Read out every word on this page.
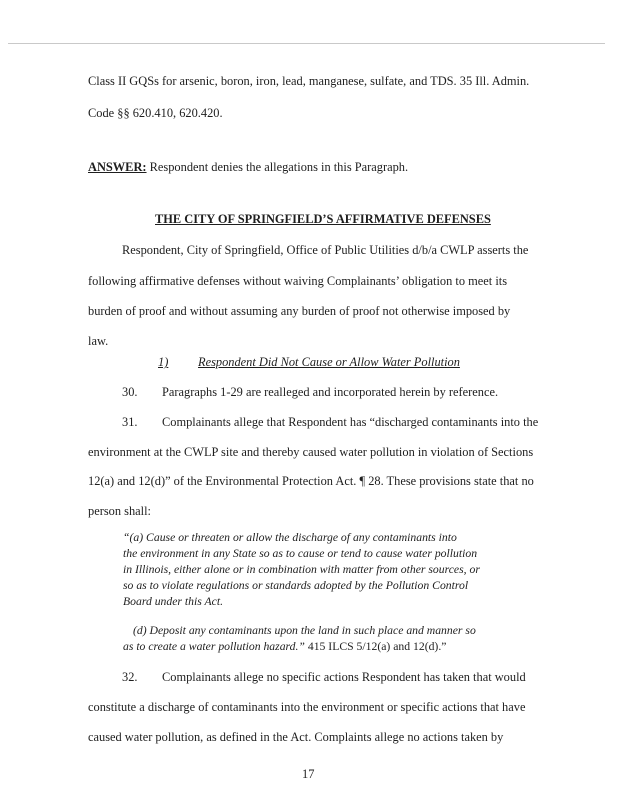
Class II GQSs for arsenic, boron, iron, lead, manganese, sulfate, and TDS. 35 Ill. Admin.
Code §§ 620.410, 620.420.
ANSWER: Respondent denies the allegations in this Paragraph.
THE CITY OF SPRINGFIELD’S AFFIRMATIVE DEFENSES
Respondent, City of Springfield, Office of Public Utilities d/b/a CWLP asserts the
following affirmative defenses without waiving Complainants’ obligation to meet its
burden of proof and without assuming any burden of proof not otherwise imposed by
law.
1) Respondent Did Not Cause or Allow Water Pollution
30. Paragraphs 1-29 are realleged and incorporated herein by reference.
31. Complainants allege that Respondent has “discharged contaminants into the
environment at the CWLP site and thereby caused water pollution in violation of Sections
12(a) and 12(d)” of the Environmental Protection Act. ¶ 28. These provisions state that no
person shall:
“(a) Cause or threaten or allow the discharge of any contaminants into
the environment in any State so as to cause or tend to cause water pollution
in Illinois, either alone or in combination with matter from other sources, or
so as to violate regulations or standards adopted by the Pollution Control
Board under this Act.
(d) Deposit any contaminants upon the land in such place and manner so
as to create a water pollution hazard.” 415 ILCS 5/12(a) and 12(d).”
32. Complainants allege no specific actions Respondent has taken that would
constitute a discharge of contaminants into the environment or specific actions that have
caused water pollution, as defined in the Act. Complaints allege no actions taken by
17
